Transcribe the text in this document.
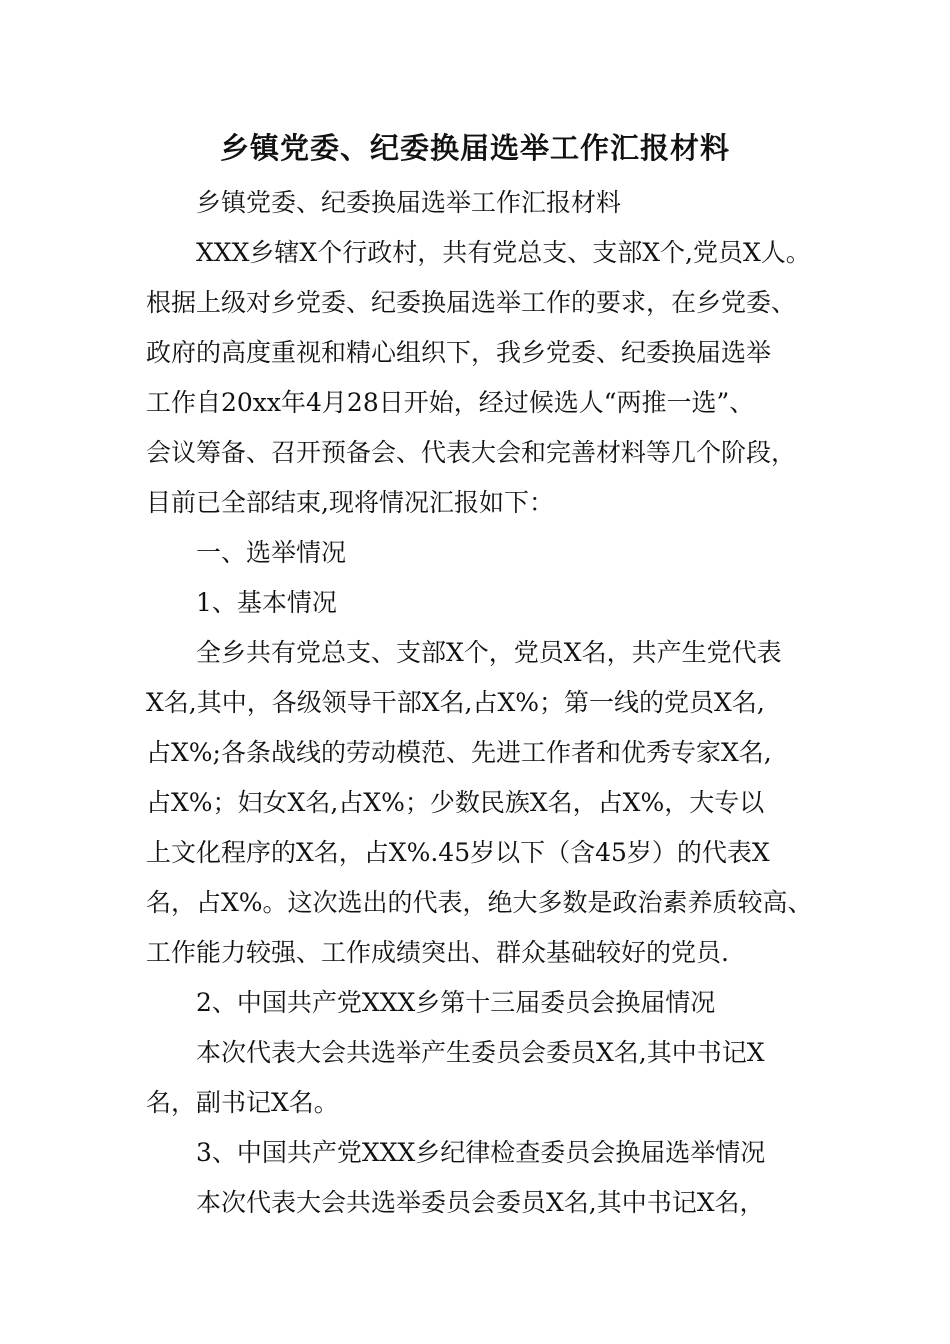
乡镇党委、纪委换届选举工作汇报材料
乡镇党委、纪委换届选举工作汇报材料
XXX乡辖X个行政村，共有党总支、支部X个,党员X人。
根据上级对乡党委、纪委换届选举工作的要求，在乡党委、
政府的高度重视和精心组织下，我乡党委、纪委换届选举
工作自20xx年4月28日开始，经过候选人“两推一选”、
会议筹备、召开预备会、代表大会和完善材料等几个阶段，
目前已全部结束,现将情况汇报如下：
一、选举情况
1、基本情况
全乡共有党总支、支部X个，党员X名，共产生党代表
X名,其中，各级领导干部X名,占X%；第一线的党员X名,
占X%;各条战线的劳动模范、先进工作者和优秀专家X名,
占X%；妇女X名,占X%；少数民族X名，占X%，大专以
上文化程序的X名，占X%.45岁以下（含45岁）的代表X
名，占X%。这次选出的代表，绝大多数是政治素养质较高、
工作能力较强、工作成绩突出、群众基础较好的党员.
2、中国共产党XXX乡第十三届委员会换届情况
本次代表大会共选举产生委员会委员X名,其中书记X
名，副书记X名。
3、中国共产党XXX乡纪律检查委员会换届选举情况
本次代表大会共选举委员会委员X名,其中书记X名，
